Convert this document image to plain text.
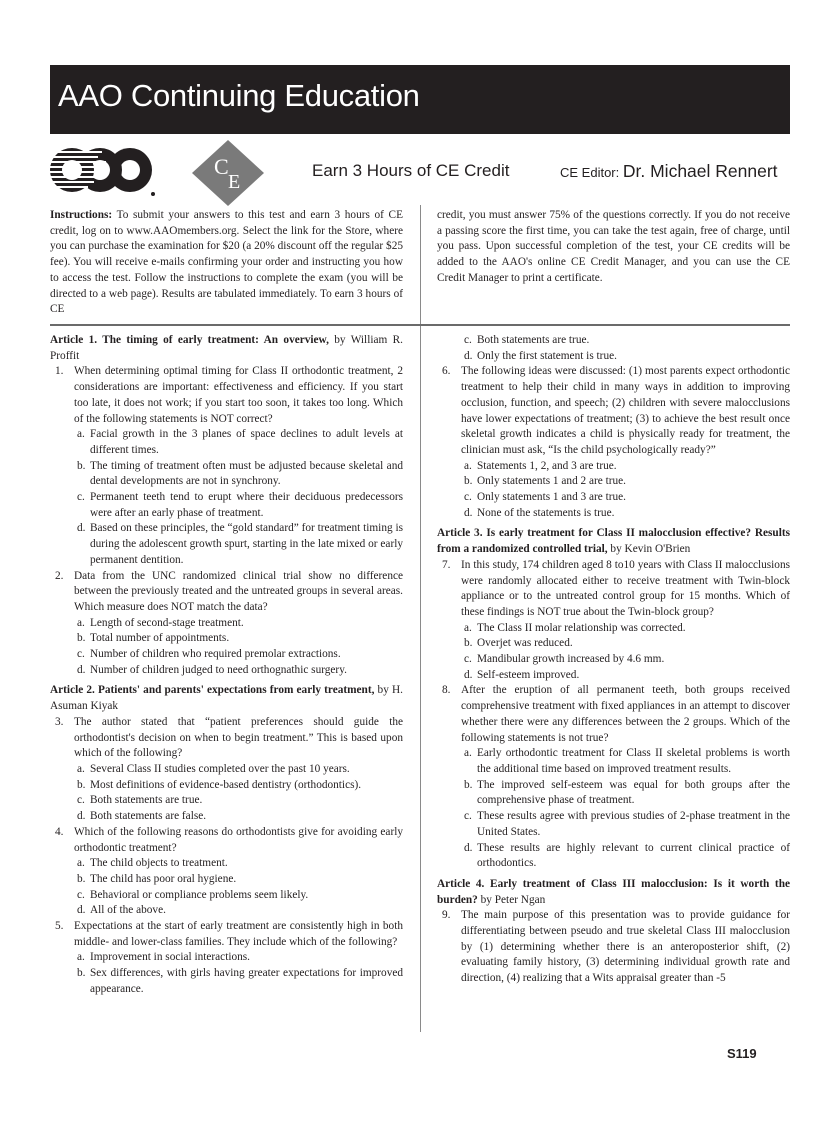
AAO Continuing Education
C
E
Earn 3 Hours of CE Credit	CE Editor: Dr. Michael Rennert
Instructions: To submit your answers to this test and earn 3 hours of CE credit, log on to www.AAOmembers.org. Select the link for the Store, where you can purchase the examination for $20 (a 20% discount off the regular $25 fee). You will receive e-mails confirming your order and instructing you how to access the test. Follow the instructions to complete the exam (you will be directed to a web page). Results are tabulated immediately. To earn 3 hours of CE
credit, you must answer 75% of the questions correctly. If you do not receive a passing score the first time, you can take the test again, free of charge, until you pass. Upon successful completion of the test, your CE credits will be added to the AAO's online CE Credit Manager, and you can use the CE Credit Manager to print a certificate.

Article 1. The timing of early treatment: An overview, by William R. Proffit

1. When determining optimal timing for Class II orthodontic treatment, 2 considerations are important: effectiveness and efficiency. If you start too late, it does not work; if you start too soon, it takes too long. Which of the following statements is NOT correct?
a. Facial growth in the 3 planes of space declines to adult levels at different times.
b. The timing of treatment often must be adjusted because skeletal and dental developments are not in synchrony.
c. Permanent teeth tend to erupt where their deciduous predecessors were after an early phase of treatment.
d. Based on these principles, the “gold standard” for treatment timing is during the adolescent growth spurt, starting in the late mixed or early permanent dentition.
2. Data from the UNC randomized clinical trial show no difference between the previously treated and the untreated groups in several areas. Which measure does NOT match the data?
a. Length of second-stage treatment.
b. Total number of appointments.
c. Number of children who required premolar extractions.
d. Number of children judged to need orthognathic surgery.

Article 2. Patients' and parents' expectations from early treatment, by H. Asuman Kiyak

3. The author stated that “patient preferences should guide the orthodontist's decision on when to begin treatment.” This is based upon which of the following?
a. Several Class II studies completed over the past 10 years.
b. Most definitions of evidence-based dentistry (orthodontics).
c. Both statements are true.
d. Both statements are false.
4. Which of the following reasons do orthodontists give for avoiding early orthodontic treatment?
a. The child objects to treatment.
b. The child has poor oral hygiene.
c. Behavioral or compliance problems seem likely.
d. All of the above.
5. Expectations at the start of early treatment are consistently high in both middle- and lower-class families. They include which of the following?
a. Improvement in social interactions.
b. Sex differences, with girls having greater expectations for improved appearance.
c. Both statements are true.
d. Only the first statement is true.
6. The following ideas were discussed: (1) most parents expect orthodontic treatment to help their child in many ways in addition to improving occlusion, function, and speech; (2) children with severe malocclusions have lower expectations of treatment; (3) to achieve the best result once skeletal growth indicates a child is physically ready for treatment, the clinician must ask, “Is the child psychologically ready?”
a. Statements 1, 2, and 3 are true.
b. Only statements 1 and 2 are true.
c. Only statements 1 and 3 are true.
d. None of the statements is true.

Article 3. Is early treatment for Class II malocclusion effective? Results from a randomized controlled trial, by Kevin O'Brien

7. In this study, 174 children aged 8 to10 years with Class II malocclusions were randomly allocated either to receive treatment with Twin-block appliance or to the untreated control group for 15 months. Which of these findings is NOT true about the Twin-block group?
a. The Class II molar relationship was corrected.
b. Overjet was reduced.
c. Mandibular growth increased by 4.6 mm.
d. Self-esteem improved.
8. After the eruption of all permanent teeth, both groups received comprehensive treatment with fixed appliances in an attempt to discover whether there were any differences between the 2 groups. Which of the following statements is not true?
a. Early orthodontic treatment for Class II skeletal problems is worth the additional time based on improved treatment results.
b. The improved self-esteem was equal for both groups after the comprehensive phase of treatment.
c. These results agree with previous studies of 2-phase treatment in the United States.
d. These results are highly relevant to current clinical practice of orthodontics.

Article 4. Early treatment of Class III malocclusion: Is it worth the burden? by Peter Ngan

9. The main purpose of this presentation was to provide guidance for differentiating between pseudo and true skeletal Class III malocclusion by (1) determining whether there is an anteroposterior shift, (2) evaluating family history, (3) determining individual growth rate and direction, (4) realizing that a Wits appraisal greater than -5
S119
